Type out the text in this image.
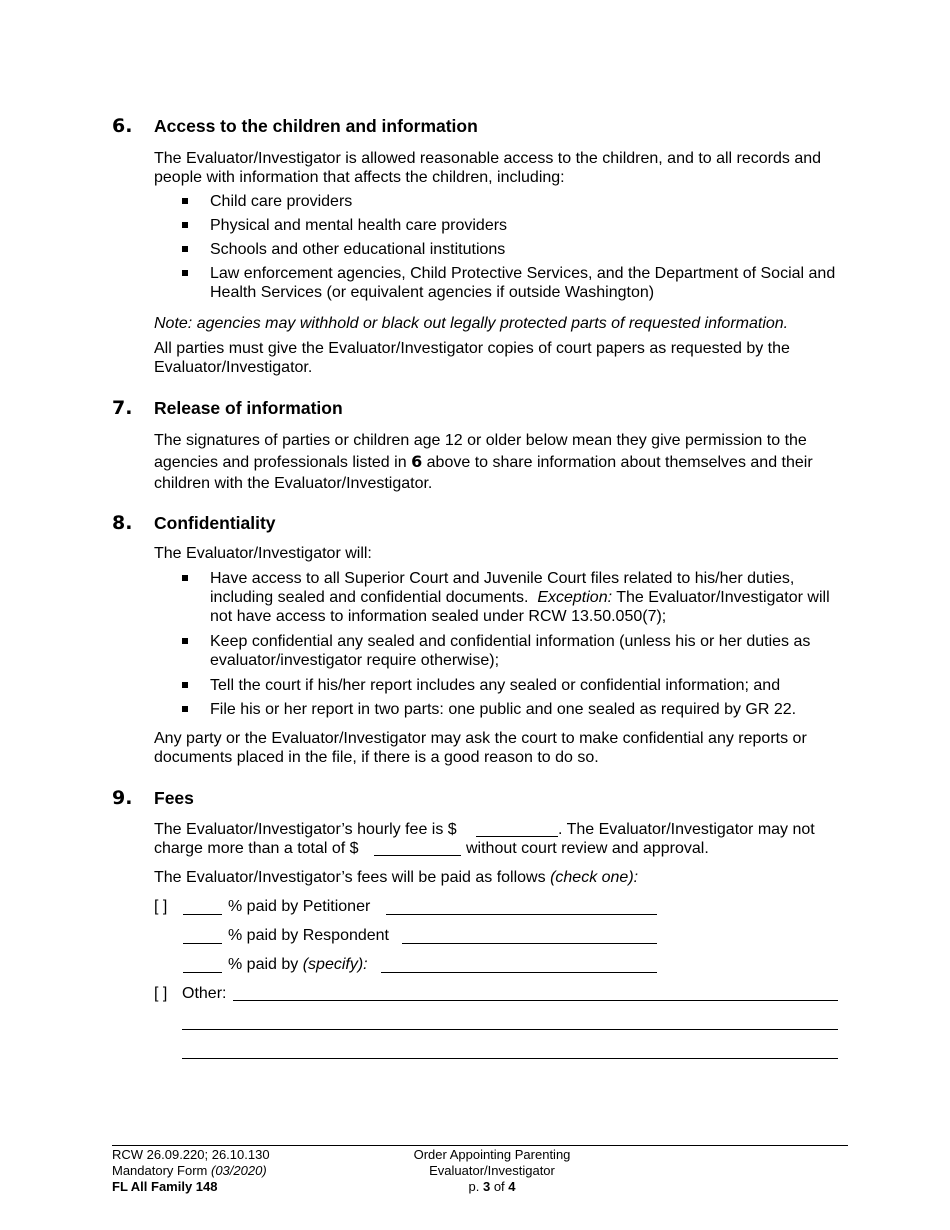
6. Access to the children and information
The Evaluator/Investigator is allowed reasonable access to the children, and to all records and people with information that affects the children, including:
Child care providers
Physical and mental health care providers
Schools and other educational institutions
Law enforcement agencies, Child Protective Services, and the Department of Social and Health Services (or equivalent agencies if outside Washington)
Note: agencies may withhold or black out legally protected parts of requested information.
All parties must give the Evaluator/Investigator copies of court papers as requested by the Evaluator/Investigator.
7. Release of information
The signatures of parties or children age 12 or older below mean they give permission to the agencies and professionals listed in 6 above to share information about themselves and their children with the Evaluator/Investigator.
8. Confidentiality
The Evaluator/Investigator will:
Have access to all Superior Court and Juvenile Court files related to his/her duties, including sealed and confidential documents. Exception: The Evaluator/Investigator will not have access to information sealed under RCW 13.50.050(7);
Keep confidential any sealed and confidential information (unless his or her duties as evaluator/investigator require otherwise);
Tell the court if his/her report includes any sealed or confidential information; and
File his or her report in two parts: one public and one sealed as required by GR 22.
Any party or the Evaluator/Investigator may ask the court to make confidential any reports or documents placed in the file, if there is a good reason to do so.
9. Fees
The Evaluator/Investigator’s hourly fee is $	. The Evaluator/Investigator may not
charge more than a total of $	without court review and approval.
The Evaluator/Investigator’s fees will be paid as follows (check one):
[ ]	% paid by Petitioner
% paid by Respondent
% paid by (specify):
[ ] Other:
RCW 26.09.220; 26.10.130
Mandatory Form (03/2020)
FL All Family 148
Order Appointing Parenting
Evaluator/Investigator
p. 3 of 4
